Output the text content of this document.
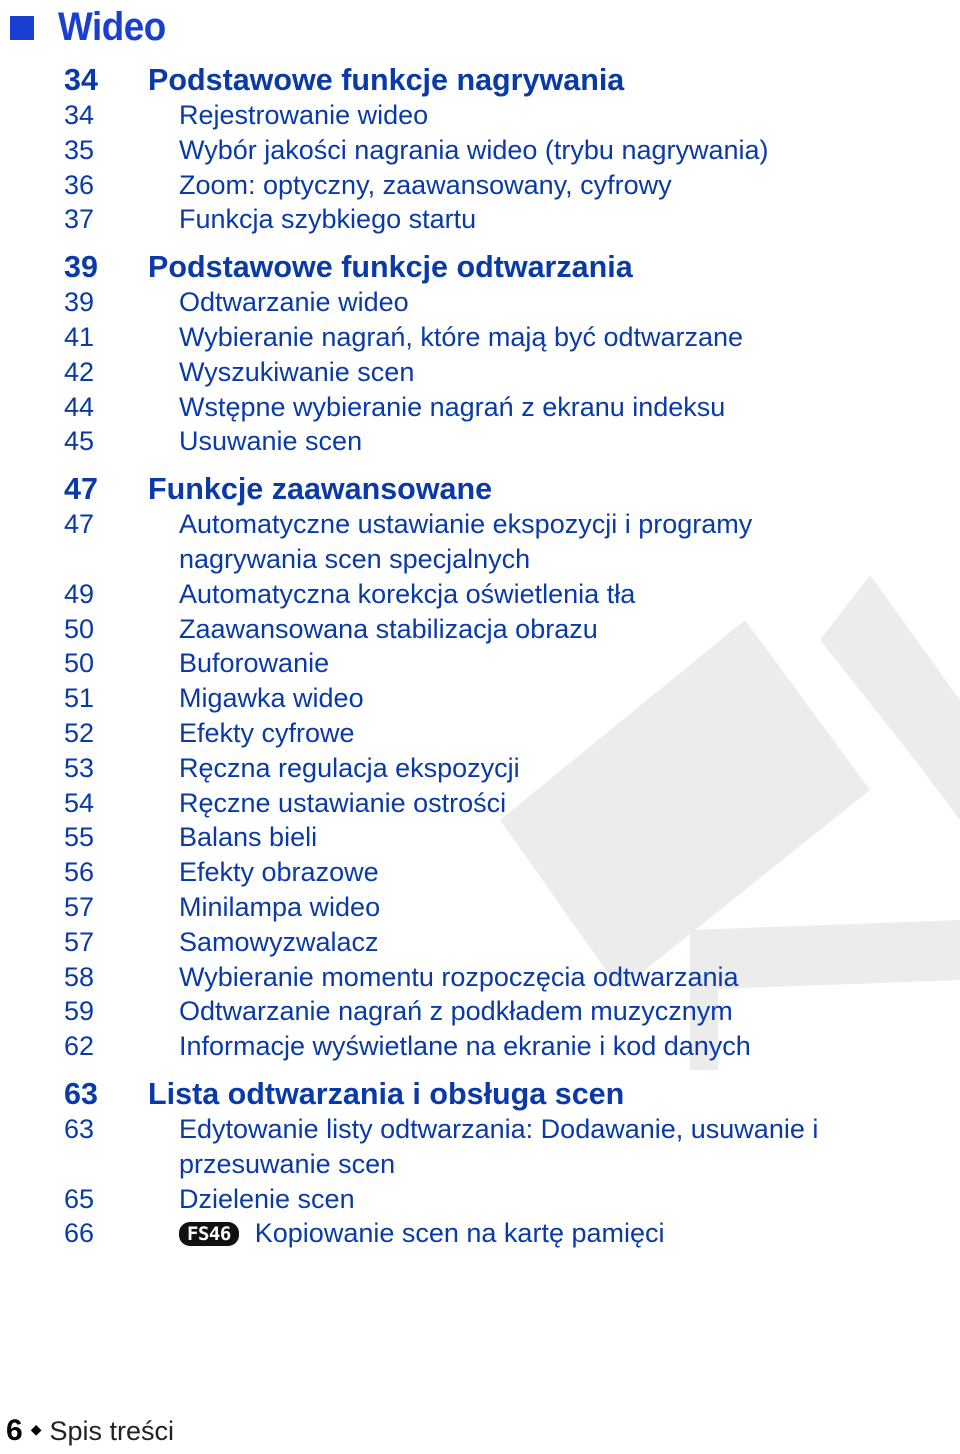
Wideo
34	Podstawowe funkcje nagrywania
34	Rejestrowanie wideo
35	Wybór jakości nagrania wideo (trybu nagrywania)
36	Zoom: optyczny, zaawansowany, cyfrowy
37	Funkcja szybkiego startu
39	Podstawowe funkcje odtwarzania
39	Odtwarzanie wideo
41	Wybieranie nagrań, które mają być odtwarzane
42	Wyszukiwanie scen
44	Wstępne wybieranie nagrań z ekranu indeksu
45	Usuwanie scen
47	Funkcje zaawansowane
47	Automatyczne ustawianie ekspozycji i programy
nagrywania scen specjalnych
49	Automatyczna korekcja oświetlenia tła
50	Zaawansowana stabilizacja obrazu
50	Buforowanie
51	Migawka wideo
52	Efekty cyfrowe
53	Ręczna regulacja ekspozycji
54	Ręczne ustawianie ostrości
55	Balans bieli
56	Efekty obrazowe
57	Minilampa wideo
57	Samowyzwalacz
58	Wybieranie momentu rozpoczęcia odtwarzania
59	Odtwarzanie nagrań z podkładem muzycznym
62	Informacje wyświetlane na ekranie i kod danych
63	Lista odtwarzania i obsługa scen
63	Edytowanie listy odtwarzania: Dodawanie, usuwanie i
przesuwanie scen
65	Dzielenie scen
66	FS46 Kopiowanie scen na kartę pamięci
6 ◆ Spis treści
